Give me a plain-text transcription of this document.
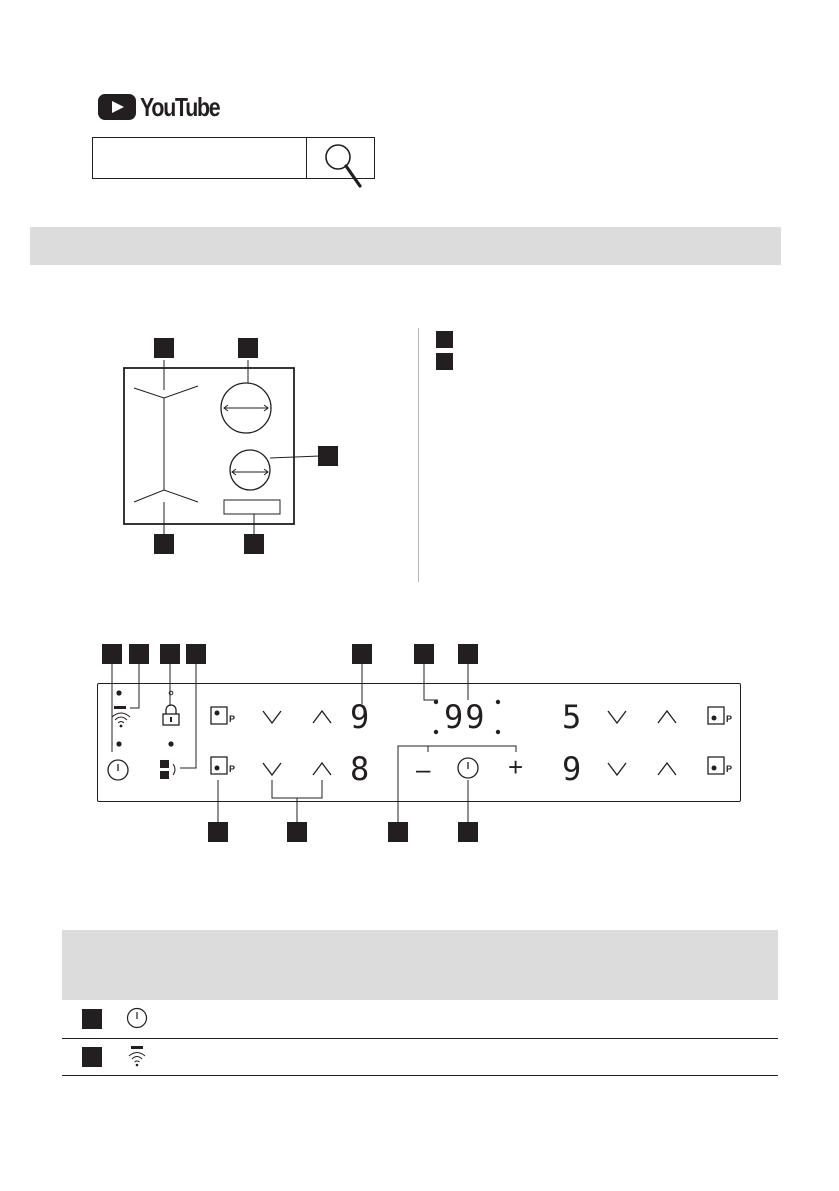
YouTube
P
P
P
P
9
8
5
9
99
–	+
